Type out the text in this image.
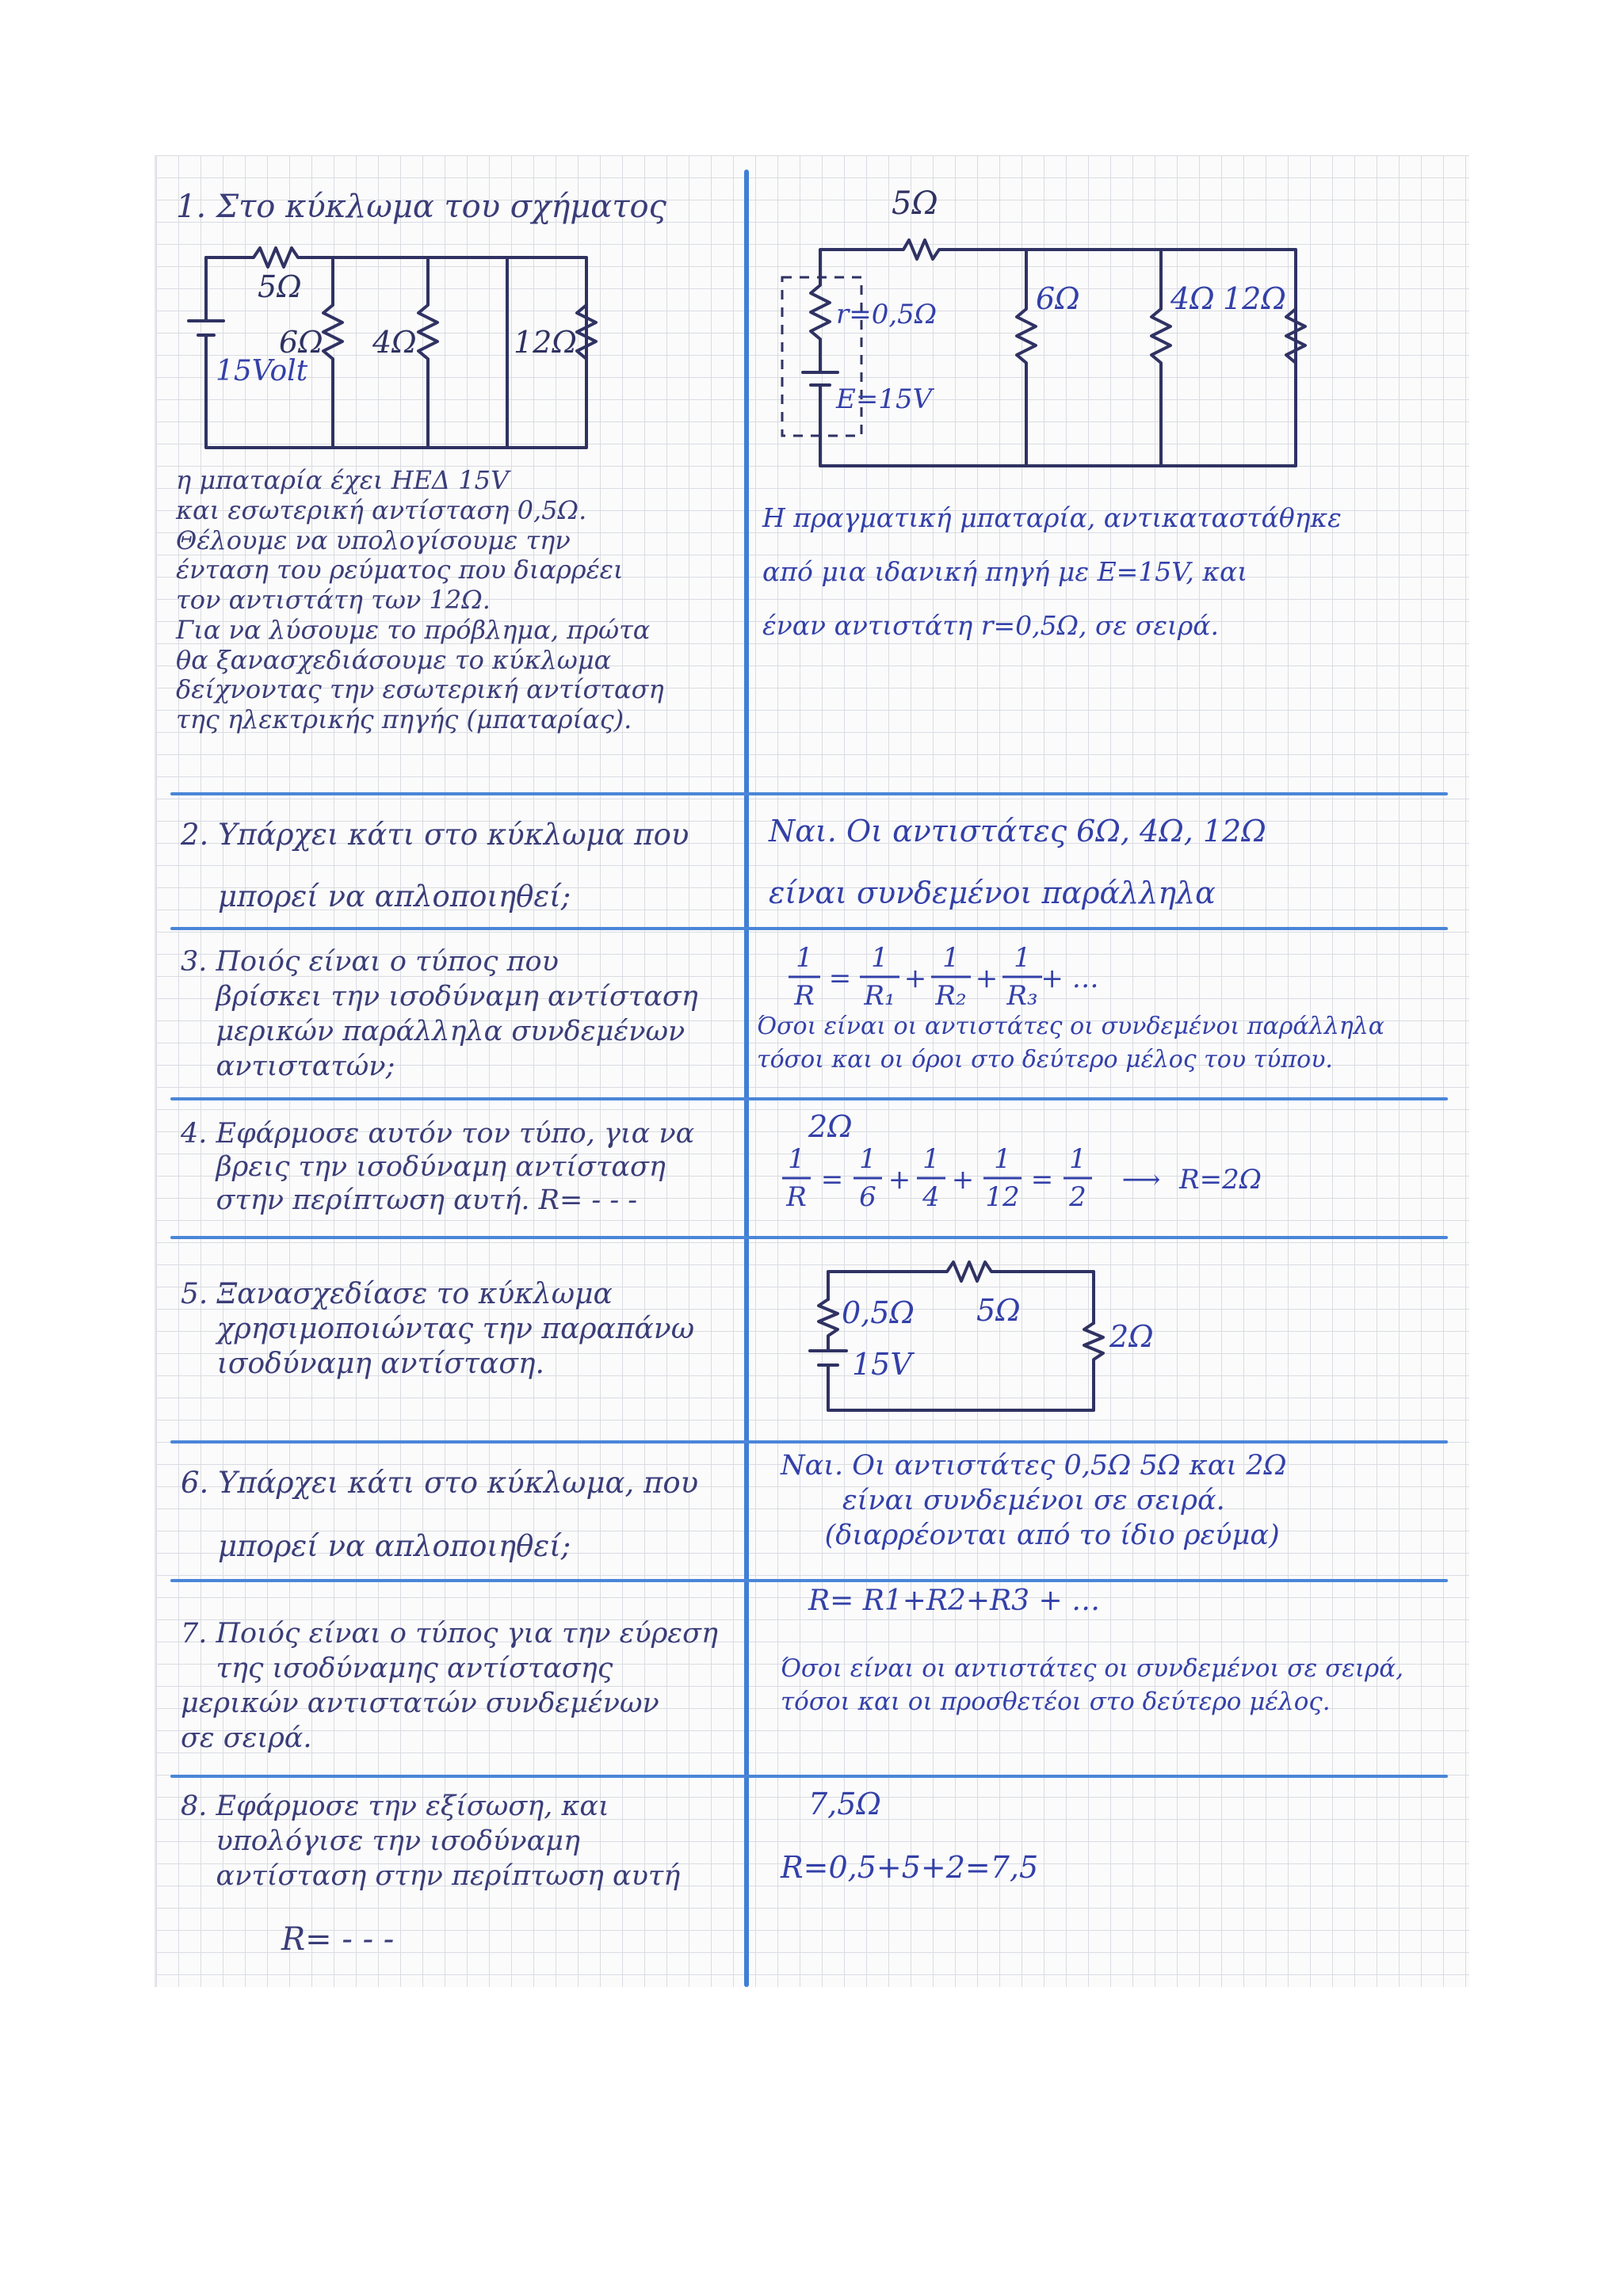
1. Στο κύκλωμα του σχήματος
5Ω
15Volt
6Ω 4Ω	12Ω
η μπαταρία έχει ΗΕΔ 15V
και εσωτερική αντίσταση 0,5Ω.
Θέλουμε να υπολογίσουμε την
ένταση του ρεύματος που διαρρέει
τον αντιστάτη των 12Ω.
Για να λύσουμε το πρόβλημα, πρώτα
θα ξανασχεδιάσουμε το κύκλωμα
δείχνοντας την εσωτερική αντίσταση
της ηλεκτρικής πηγής (μπαταρίας).
5Ω
r=0,5Ω
E=15V
6Ω	4Ω 12Ω
Η πραγματική μπαταρία, αντικαταστάθηκε
από μια ιδανική πηγή με E=15V, και
έναν αντιστάτη r=0,5Ω, σε σειρά.
2. Υπάρχει κάτι στο κύκλωμα που
μπορεί να απλοποιηθεί;
Ναι. Οι αντιστάτες 6Ω, 4Ω, 12Ω
είναι συνδεμένοι παράλληλα
3. Ποιός είναι ο τύπος που
βρίσκει την ισοδύναμη αντίσταση
μερικών παράλληλα συνδεμένων
αντιστατών;
1
R
=
1
R₁
+
1
R₂
+
1
R₃
+ …
Όσοι είναι οι αντιστάτες οι συνδεμένοι παράλληλα
τόσοι και οι όροι στο δεύτερο μέλος του τύπου.
4. Εφάρμοσε αυτόν τον τύπο, για να
βρεις την ισοδύναμη αντίσταση
στην περίπτωση αυτή. R= - - -
2Ω
1
R
=
1
6
+
1
4
+
1
12
=
1
2
⟶ R=2Ω
5. Ξανασχεδίασε το κύκλωμα
χρησιμοποιώντας την παραπάνω
ισοδύναμη αντίσταση.
0,5Ω 5Ω
2Ω
15V
6. Υπάρχει κάτι στο κύκλωμα, που
μπορεί να απλοποιηθεί;
Ναι. Οι αντιστάτες 0,5Ω 5Ω και 2Ω
είναι συνδεμένοι σε σειρά.
(διαρρέονται από το ίδιο ρεύμα)
R= R1+R2+R3 + …
7. Ποιός είναι ο τύπος για την εύρεση
της ισοδύναμης αντίστασης
μερικών αντιστατών συνδεμένων
σε σειρά.
Όσοι είναι οι αντιστάτες οι συνδεμένοι σε σειρά,
τόσοι και οι προσθετέοι στο δεύτερο μέλος.
8. Εφάρμοσε την εξίσωση, και
υπολόγισε την ισοδύναμη
αντίσταση στην περίπτωση αυτή
R= - - -
7,5Ω
R=0,5+5+2=7,5
